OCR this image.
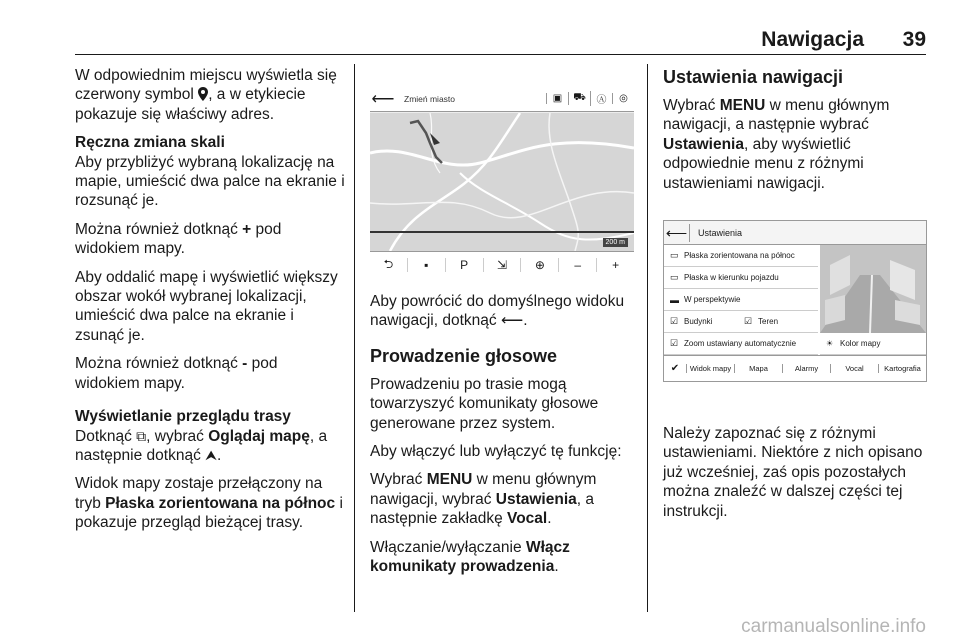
Nawigacja 39

W odpowiednim miejscu wyświetla się czerwony symbol , a w etykiecie pokazuje się właściwy adres.

Ręczna zmiana skali

Aby przybliżyć wybraną lokalizację na mapie, umieścić dwa palce na ekranie i rozsunąć je.

Można również dotknąć + pod widokiem mapy.

Aby oddalić mapę i wyświetlić większy obszar wokół wybranej lokalizacji, umieścić dwa palce na ekranie i zsunąć je.

Można również dotknąć - pod widokiem mapy.

Wyświetlanie przeglądu trasy

Dotknąć ⧉, wybrać Oglądaj mapę, a następnie dotknąć ⮝.

Widok mapy zostaje przełączony na tryb Płaska zorientowana na północ i pokazuje przegląd bieżącej trasy.

⟵	Zmień miasto	▣	⛟	Ⓐ	◎
200 m
⮌	▪	P	⇲	⊕	–	+

Aby powrócić do domyślnego widoku nawigacji, dotknąć ⟵.

Prowadzenie głosowe

Prowadzeniu po trasie mogą towarzyszyć komunikaty głosowe generowane przez system.

Aby włączyć lub wyłączyć tę funkcję:

Wybrać MENU w menu głównym nawigacji, wybrać Ustawienia, a następnie zakładkę Vocal.

Włączanie/wyłączanie Włącz komunikaty prowadzenia.

Ustawienia nawigacji

Wybrać MENU w menu głównym nawigacji, a następnie wybrać Ustawienia, aby wyświetlić odpowiednie menu z różnymi ustawieniami nawigacji.

⟵	Ustawienia
▭ Płaska zorientowana na północ
▭ Płaska w kierunku pojazdu
▬ W perspektywie
☑ Budynki	☑ Teren
☑ Zoom ustawiany automatycznie	☀ Kolor mapy
✔	Widok mapy	Mapa	Alarmy	Vocal	Kartografia

Należy zapoznać się z różnymi ustawieniami. Niektóre z nich opisano już wcześniej, zaś opis pozostałych można znaleźć w dalszej części tej instrukcji.

carmanualsonline.info
